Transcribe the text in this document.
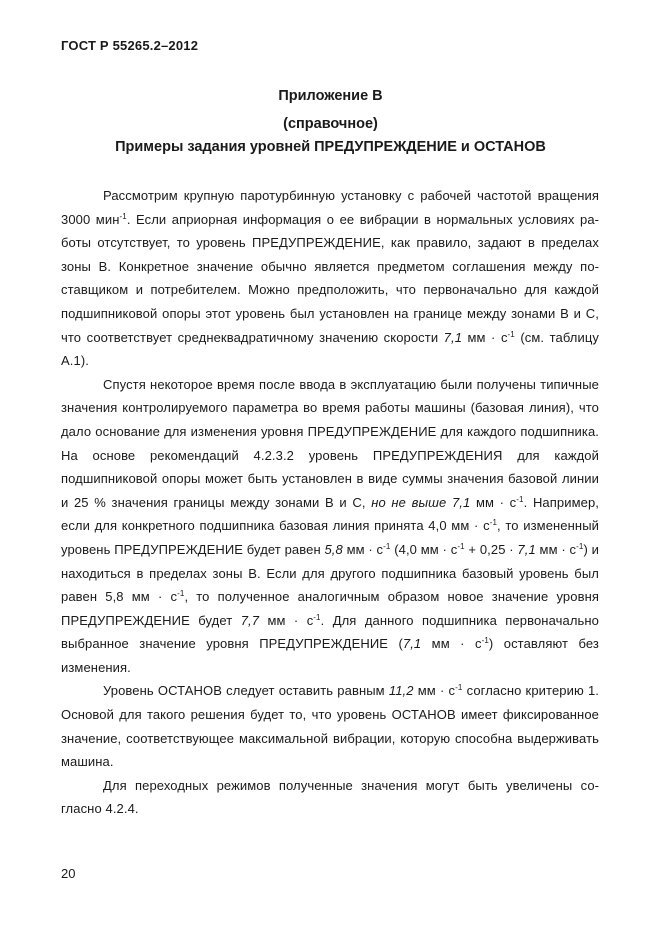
ГОСТ Р 55265.2–2012
Приложение В
(справочное)
Примеры задания уровней ПРЕДУПРЕЖДЕНИЕ и ОСТАНОВ

Рассмотрим крупную паротурбинную установку с рабочей частотой вращения 3000 мин$^{-1}$. Если априорная информация о ее вибрации в нормальных условиях работы отсутствует, то уровень ПРЕДУПРЕЖДЕНИЕ, как правило, задают в пределах зоны В. Конкретное значение обычно является предметом соглашения между поставщиком и потребителем. Можно предположить, что первоначально для каждой подшипниковой опоры этот уровень был установлен на границе между зонами В и С, что соответствует среднеквадратичному значению скорости 7,1 мм · $с^{-1}$ (см. таблицу А.1).

Спустя некоторое время после ввода в эксплуатацию были получены типичные значения контролируемого параметра во время работы машины (базовая линия), что дало основание для изменения уровня ПРЕДУПРЕЖДЕНИЕ для каждого подшипника. На основе рекомендаций 4.2.3.2 уровень ПРЕДУПРЕЖДЕНИЯ для каждой подшипниковой опоры может быть установлен в виде суммы значения базовой линии и 25 % значения границы между зонами В и С, но не выше 7,1 мм · $с^{-1}$. Например, если для конкретного подшипника базовая линия принята 4,0 мм · $с^{-1}$, то измененный уровень ПРЕДУПРЕЖДЕНИЕ будет равен 5,8 мм · $с^{-1}$ (4,0 мм · $с^{-1} + 0,25 \cdot 7,1$ мм · $с^{-1}$) и находиться в пределах зоны В. Если для другого подшипника базовый уровень был равен 5,8 мм · $с^{-1}$, то полученное аналогичным образом новое значение уровня ПРЕДУПРЕЖДЕНИЕ будет 7,7 мм · $с^{-1}$. Для данного подшипника первоначально выбранное значение уровня ПРЕДУПРЕЖДЕНИЕ (7,1 мм · $с^{-1}$) оставляют без изменения.

Уровень ОСТАНОВ следует оставить равным 11,2 мм · $с^{-1}$ согласно критерию 1. Основой для такого решения будет то, что уровень ОСТАНОВ имеет фиксированное значение, соответствующее максимальной вибрации, которую способна выдерживать машина.

Для переходных режимов полученные значения могут быть увеличены согласно 4.2.4.

20
